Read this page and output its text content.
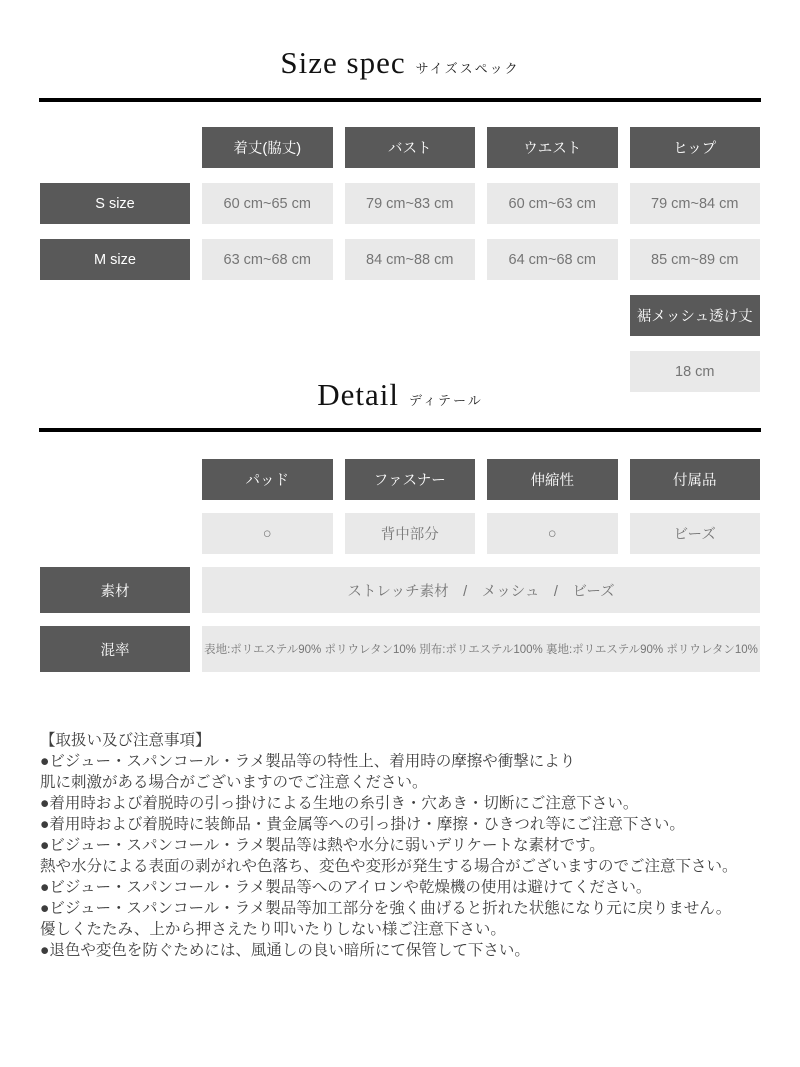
Size spec サイズスペック
着丈(脇丈)	バスト	ウエスト	ヒップ
S size	60 cm~65 cm	79 cm~83 cm	60 cm~63 cm	79 cm~84 cm
M size	63 cm~68 cm	84 cm~88 cm	64 cm~68 cm	85 cm~89 cm
裾メッシュ透け丈
18 cm
Detail ディテール
パッド	ファスナー	伸縮性	付属品
○	背中部分	○	ビーズ
素材	ストレッチ素材　/　メッシュ　/　ビーズ
混率	表地:ポリエステル90% ポリウレタン10% 別布:ポリエステル100% 裏地:ポリエステル90% ポリウレタン10%
【取扱い及び注意事項】
●ビジュー・スパンコール・ラメ製品等の特性上、着用時の摩擦や衝撃により
肌に刺激がある場合がございますのでご注意ください。
●着用時および着脱時の引っ掛けによる生地の糸引き・穴あき・切断にご注意下さい。
●着用時および着脱時に装飾品・貴金属等への引っ掛け・摩擦・ひきつれ等にご注意下さい。
●ビジュー・スパンコール・ラメ製品等は熱や水分に弱いデリケートな素材です。
熱や水分による表面の剥がれや色落ち、変色や変形が発生する場合がございますのでご注意下さい。
●ビジュー・スパンコール・ラメ製品等へのアイロンや乾燥機の使用は避けてください。
●ビジュー・スパンコール・ラメ製品等加工部分を強く曲げると折れた状態になり元に戻りません。
優しくたたみ、上から押さえたり叩いたりしない様ご注意下さい。
●退色や変色を防ぐためには、風通しの良い暗所にて保管して下さい。
